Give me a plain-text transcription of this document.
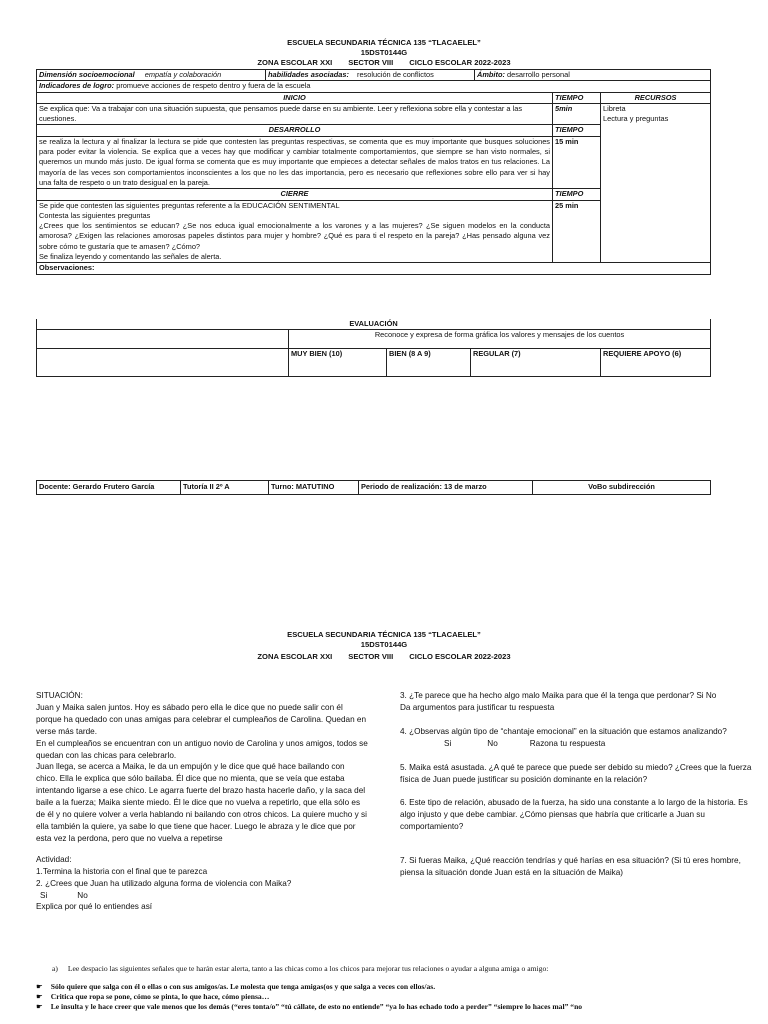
ESCUELA SECUNDARIA TÉCNICA 135 “TLACAELEL”
15DST0144G
ZONA ESCOLAR XXI SECTOR VIII CICLO ESCOLAR 2022-2023
Dimensión socioemocional empatía y colaboración habilidades asociadas: resolución de conflictos Ámbito: desarrollo personal		

Indicadores de logro: promueve acciones de respeto dentro y fuera de la escuela		
INICIO	TIEMPO	RECURSOS
Se explica que: Va a trabajar con una situación supuesta, que pensamos puede darse en su ambiente. Leer y reflexiona sobre ella y contestar a las cuestiones.	5min	Libreta
Lectura y preguntas

DESARROLLO	TIEMPO	
se realiza la lectura y al finalizar la lectura se pide que contesten las preguntas respectivas, se comenta que es muy importante que busques soluciones para poder evitar la violencia. Se explica que a veces hay que modificar y cambiar totalmente comportamientos, que siempre se han visto normales, si queremos un mundo más justo. De igual forma se comenta que es muy importante que empieces a detectar señales de malos tratos en tus relaciones. La mayoría de las veces son comportamientos inconscientes a los que no les das importancia, pero es necesario que reflexiones sobre ello para ver si hay una falta de respeto o un trato desigual en la pareja.	15 min	
CIERRE	TIEMPO	

Se pide que contesten las siguientes preguntas referente a la EDUCACIÓN SENTIMENTAL
Contesta las siguientes preguntas
¿Crees que los sentimientos se educan? ¿Se nos educa igual emocionalmente a los varones y a las mujeres? ¿Se siguen modelos en la conducta amorosa? ¿Exigen las relaciones amorosas papeles distintos para mujer y hombre? ¿Qué es para ti el respeto en la pareja? ¿Has pensado alguna vez sobre cómo te gustaría que te amasen? ¿Cómo?
Se finaliza leyendo y comentando las señales de alerta.	25 min	
Observaciones:		
EVALUACIÓN				
	Reconoce y expresa de forma gráfica los valores y mensajes de los cuentos			
	MUY BIEN (10)	BIEN (8 A 9)	REGULAR (7)	REQUIERE APOYO (6)
Docente: Gerardo Frutero García	Tutoría II 2º A	Turno: MATUTINO	Periodo de realización: 13 de marzo	VoBo subdirección
ESCUELA SECUNDARIA TÉCNICA 135 “TLACAELEL”
15DST0144G
ZONA ESCOLAR XXI SECTOR VIII CICLO ESCOLAR 2022-2023

SITUACIÓN:

Juan y Maika salen juntos. Hoy es sábado pero ella le dice que no puede salir con él porque ha quedado con unas amigas para celebrar el cumpleaños de Carolina. Quedan en verse más tarde.

En el cumpleaños se encuentran con un antiguo novio de Carolina y unos amigos, todos se quedan con las chicas para celebrarlo.

Juan llega, se acerca a Maika, le da un empujón y le dice que qué hace bailando con chico. Ella le explica que sólo bailaba. Él dice que no mienta, que se veía que estaba intentando ligarse a ese chico. Le agarra fuerte del brazo hasta hacerle daño, y la saca del baile a la fuerza; Maika siente miedo. Él le dice que no vuelva a repetirlo, que ella sólo es de él y no quiere volver a verla hablando ni bailando con otros chicos. La quiere mucho y si ella también la quiere, ya sabe lo que tiene que hacer. Luego le abraza y le dice que por esta vez la perdona, pero que no vuelva a repetirse

Actividad:

1.Termina la historia con el final que te parezca

2. ¿Crees que Juan ha utilizado alguna forma de violencia con Maika?

Si	No

Explica por qué lo entiendes así

3. ¿Te parece que ha hecho algo malo Maika para que él la tenga que perdonar? Si No

Da argumentos para justificar tu respuesta

4. ¿Observas algún tipo de “chantaje emocional” en la situación que estamos analizando?

Si	No	Razona tu respuesta

5. Maika está asustada. ¿A qué te parece que puede ser debido su miedo? ¿Crees que la fuerza física de Juan puede justificar su posición dominante en la relación?

6. Este tipo de relación, abusado de la fuerza, ha sido una constante a lo largo de la historia. Es algo injusto y que debe cambiar. ¿Cómo piensas que habría que criticarle a Juan su comportamiento?

7. Si fueras Maika, ¿Qué reacción tendrías y qué harías en esa situación? (Si tú eres hombre, piensa la situación donde Juan está en la situación de Maika)

a) Lee despacio las siguientes señales que te harán estar alerta, tanto a las chicas como a los chicos para mejorar tus relaciones o ayudar a alguna amiga o amigo:
☛ Sólo quiere que salga con él o ellas o con sus amigos/as. Le molesta que tenga amigas(os y que salga a veces con ellos/as.
☛ Critica que ropa se pone, cómo se pinta, lo que hace, cómo piensa…
☛ Le insulta y le hace creer que vale menos que los demás (“eres tonta/o” “tú cállate, de esto no entiende” “ya lo has echado todo a perder” “siempre lo haces mal” “no
